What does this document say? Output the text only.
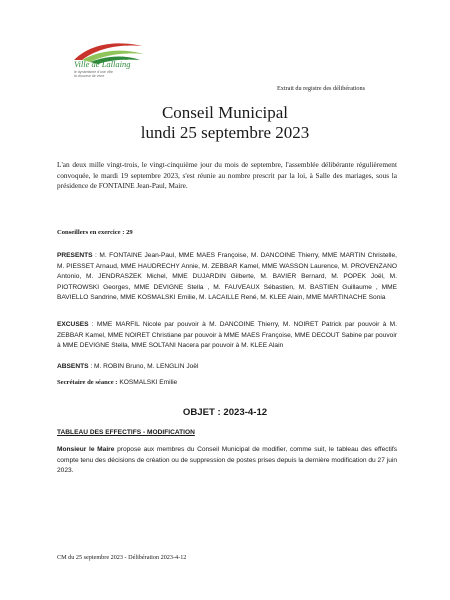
Ville de Lallaing
le dynamisme d'une ville
la douceur de vivre
Extrait du registre des délibérations
Conseil Municipal
lundi 25 septembre 2023
L'an deux mille vingt-trois, le vingt-cinquième jour du mois de septembre, l'assemblée délibérante régulièrement convoquée, le mardi 19 septembre 2023, s'est réunie au nombre prescrit par la loi, à Salle des mariages, sous la présidence de FONTAINE Jean-Paul, Maire.
Conseillers en exercice : 29
PRESENTS : M. FONTAINE Jean-Paul, MME MAES Françoise, M. DANCOINE Thierry, MME MARTIN Christelle, M. PIESSET Arnaud, MME HAUDRECHY Annie, M. ZEBBAR Kamel, MME WASSON Laurence, M. PROVENZANO Antonio, M. JENDRASZEK Michel, MME DUJARDIN Gilberte, M. BAVIER Bernard, M. POPEK Joël, M. PIOTROWSKI Georges, MME DEVIGNE Stella , M. FAUVEAUX Sébastien, M. BASTIEN Guillaume , MME BAVIELLO Sandrine, MME KOSMALSKI Emilie, M. LACAILLE René, M. KLEE Alain, MME MARTINACHE Sonia
EXCUSES : MME MARFIL Nicole par pouvoir à M. DANCOINE Thierry, M. NOIRET Patrick par pouvoir à M. ZEBBAR Kamel, MME NOIRET Christiane par pouvoir à MME MAES Françoise, MME DECOUT Sabine par pouvoir à MME DEVIGNE Stella, MME SOLTANI Nacera par pouvoir à M. KLEE Alain
ABSENTS : M. ROBIN Bruno, M. LENGLIN Joël
Secrétaire de séance : KOSMALSKI Emilie
OBJET : 2023-4-12
TABLEAU DES EFFECTIFS - MODIFICATION
Monsieur le Maire propose aux membres du Conseil Municipal de modifier, comme suit, le tableau des effectifs compte tenu des décisions de création ou de suppression de postes prises depuis la dernière modification du 27 juin 2023.
CM du 25 septembre 2023 - Délibération 2023-4-12
